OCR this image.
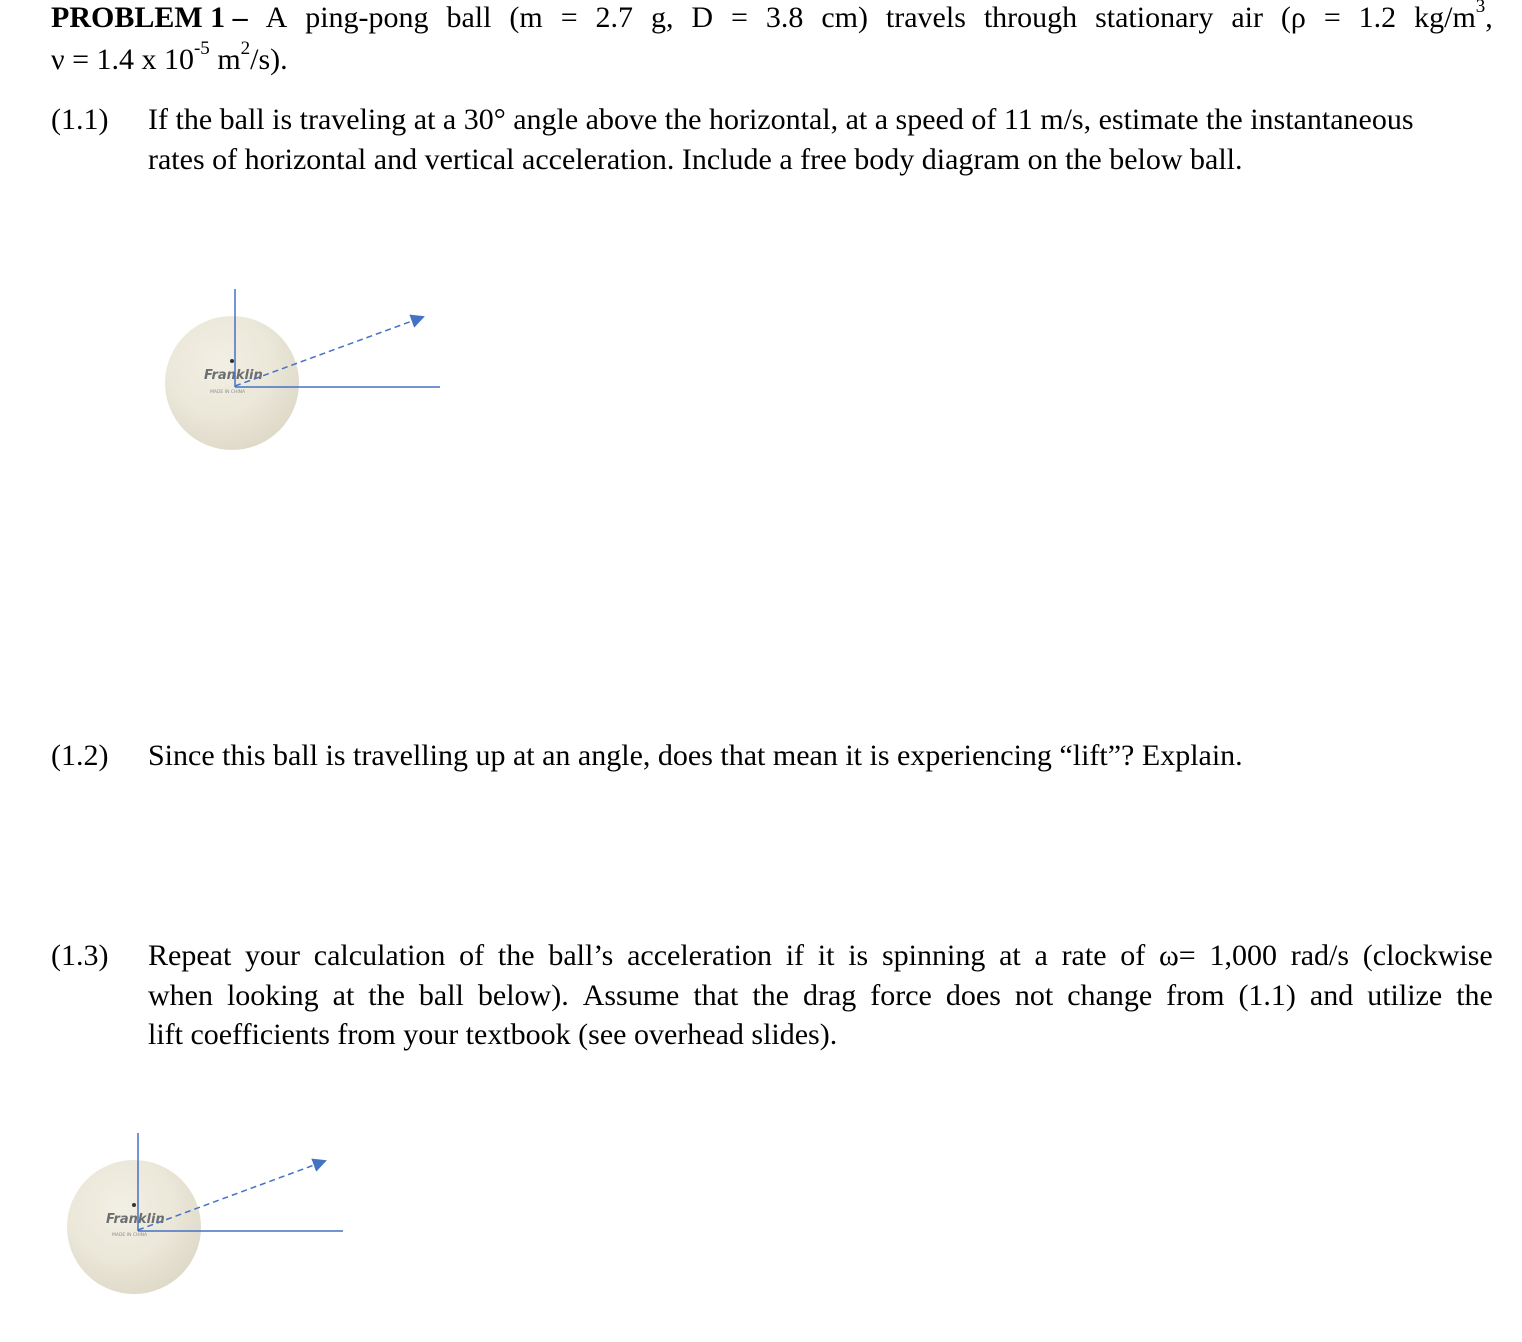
PROBLEM 1 – A ping-pong ball (m = 2.7 g, D = 3.8 cm) travels through stationary air (ρ = 1.2 $kg/m^3$,
ν = 1.4 x $10^{-5}$ $m^2/s$).
(1.1) If the ball is traveling at a 30° angle above the horizontal, at a speed of 11 m/s, estimate the instantaneous
rates of horizontal and vertical acceleration. Include a free body diagram on the below ball.
Franklin
MADE IN CHINA
(1.2) Since this ball is travelling up at an angle, does that mean it is experiencing “lift”? Explain.
(1.3) Repeat your calculation of the ball’s acceleration if it is spinning at a rate of ω= 1,000 rad/s (clockwise
when looking at the ball below). Assume that the drag force does not change from (1.1) and utilize the
lift coefficients from your textbook (see overhead slides).
Franklin
MADE IN CHINA
